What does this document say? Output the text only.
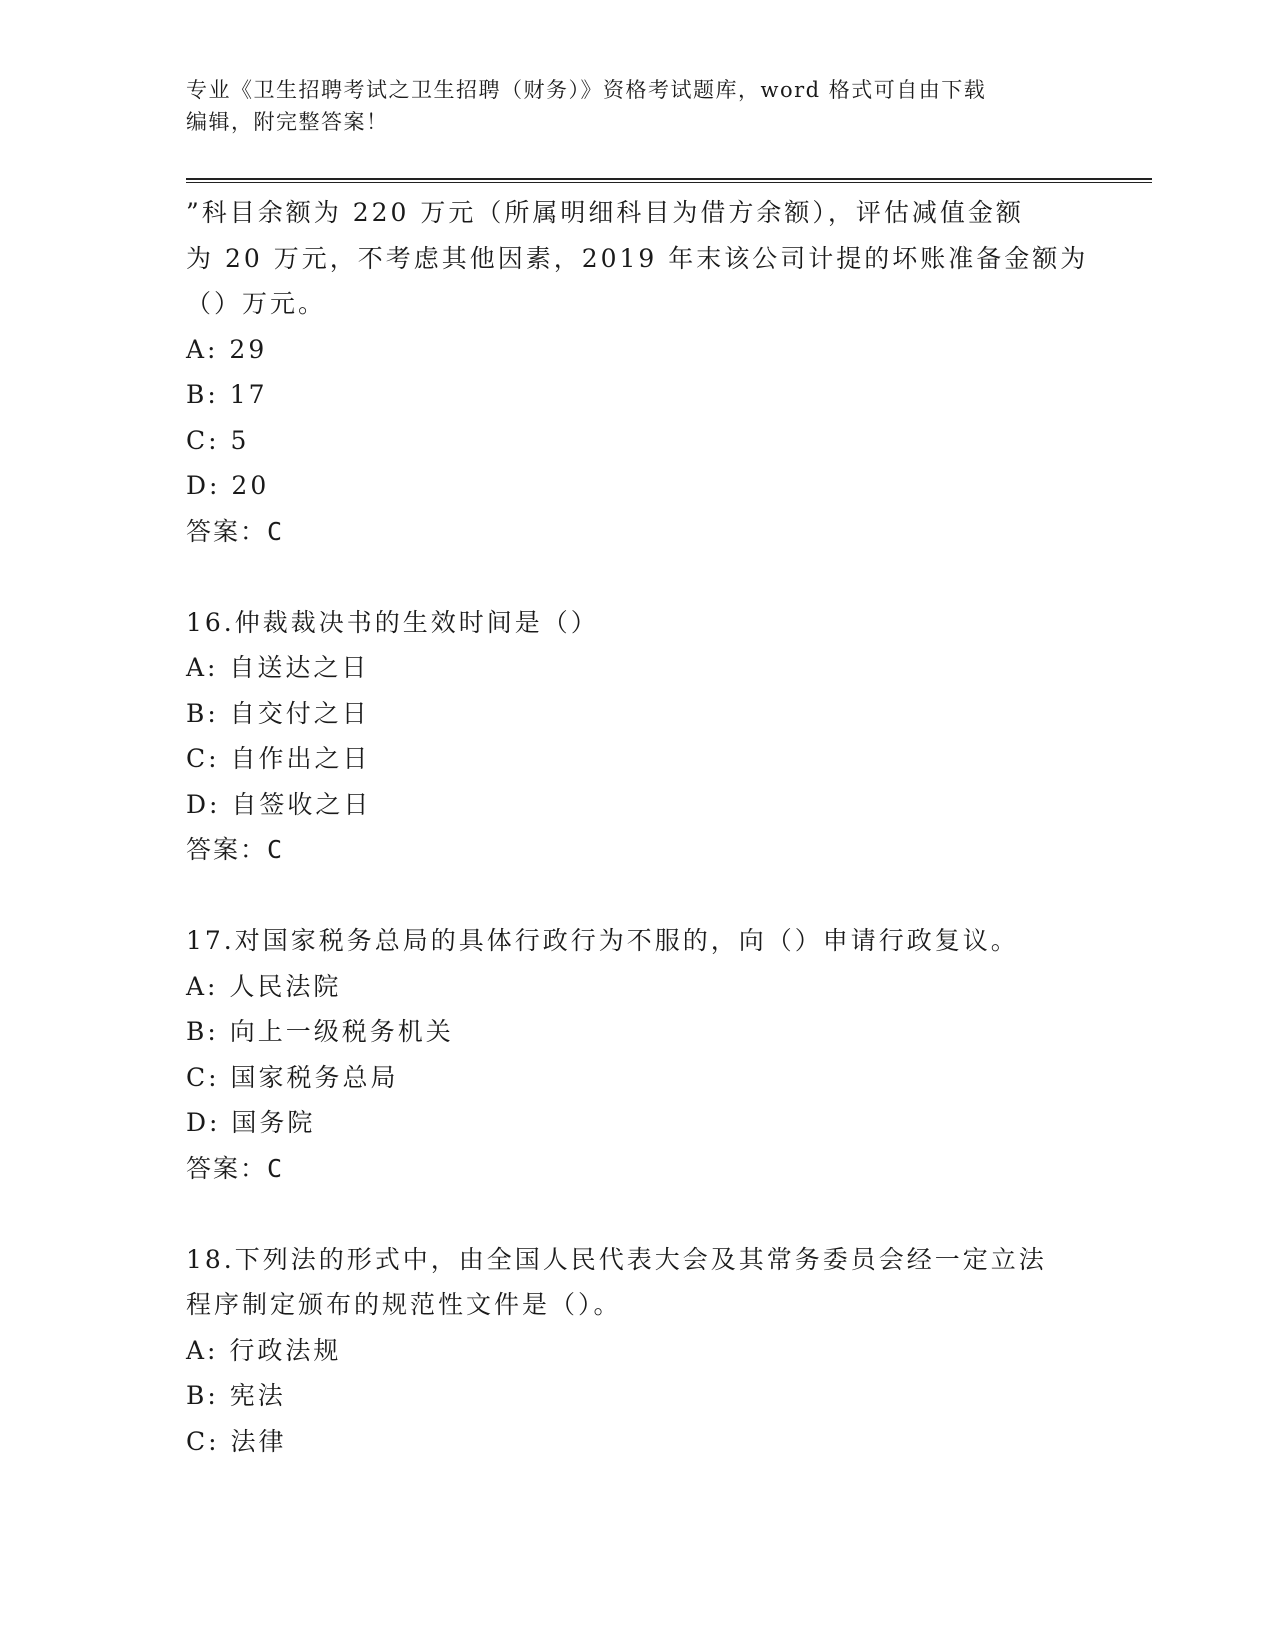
专业《卫生招聘考试之卫生招聘（财务）》资格考试题库，word 格式可自由下载
编辑，附完整答案！

”科目余额为 220 万元（所属明细科目为借方余额），评估减值金额

为 20 万元，不考虑其他因素，2019 年末该公司计提的坏账准备金额为

（）万元。

A: 29

B: 17

C: 5

D: 20

答案：C

16.仲裁裁决书的生效时间是（）

A: 自送达之日

B: 自交付之日

C: 自作出之日

D: 自签收之日

答案：C

17.对国家税务总局的具体行政行为不服的，向（）申请行政复议。

A: 人民法院

B: 向上一级税务机关

C: 国家税务总局

D: 国务院

答案：C

18.下列法的形式中，由全国人民代表大会及其常务委员会经一定立法

程序制定颁布的规范性文件是（）。

A: 行政法规

B: 宪法

C: 法律
